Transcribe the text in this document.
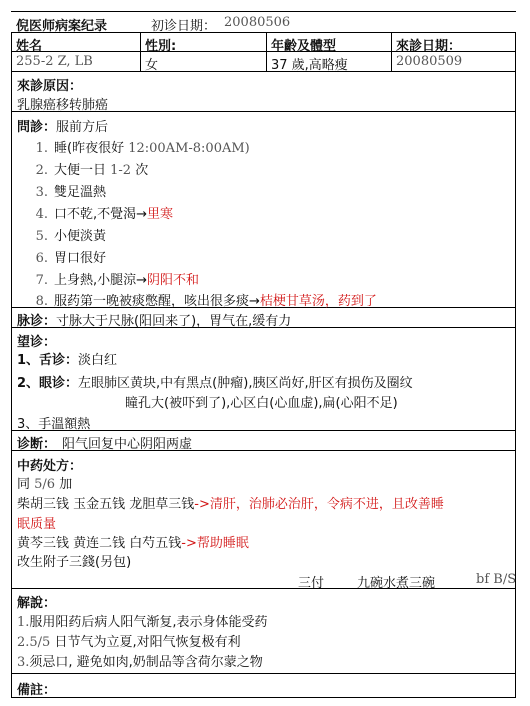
倪医师病案纪录	初诊日期： 20080506
姓名	性別:	年齡及體型	來診日期：
255-2 Z, LB	女	37 歲,高略瘦	20080509
來診原因：
乳腺癌移转肺癌
問診：服前方后
1. 睡(昨夜很好 12:00AM-8:00AM)
2. 大便一日 1-2 次
3. 雙足溫熱
4. 口不乾,不覺渴→里寒
5. 小便淡黃
6. 胃口很好
7. 上身熱,小腿涼→阴阳不和
8. 服药第一晚被痰憋醒，咳出很多痰→桔梗甘草汤，药到了
脉诊：寸脉大于尺脉(阳回来了)，胃气在,缓有力
望诊：
1、舌诊：淡白红
2、眼诊：左眼肺区黄块,中有黑点(肿瘤),胰区尚好,肝区有损伤及圈纹
瞳孔大(被吓到了),心区白(心血虚),扁(心阳不足)
3、手溫額熱
诊断： 阳气回复中心阴阳两虚
中药处方：
同 5/6 加
柴胡三钱 玉金五钱 龙胆草三钱->清肝，治肺必治肝，令病不进，且改善睡
眠质量
黄芩三钱 黄连二钱 白芍五钱->帮助睡眠
改生附子三錢(另包)
三付	九碗水煮三碗	bf B/S
解說：
1.服用阳药后病人阳气渐复,表示身体能受药
2.5/5 日节气为立夏,对阳气恢复极有利
3.须忌口, 避免如肉,奶制品等含荷尔蒙之物
備註：
